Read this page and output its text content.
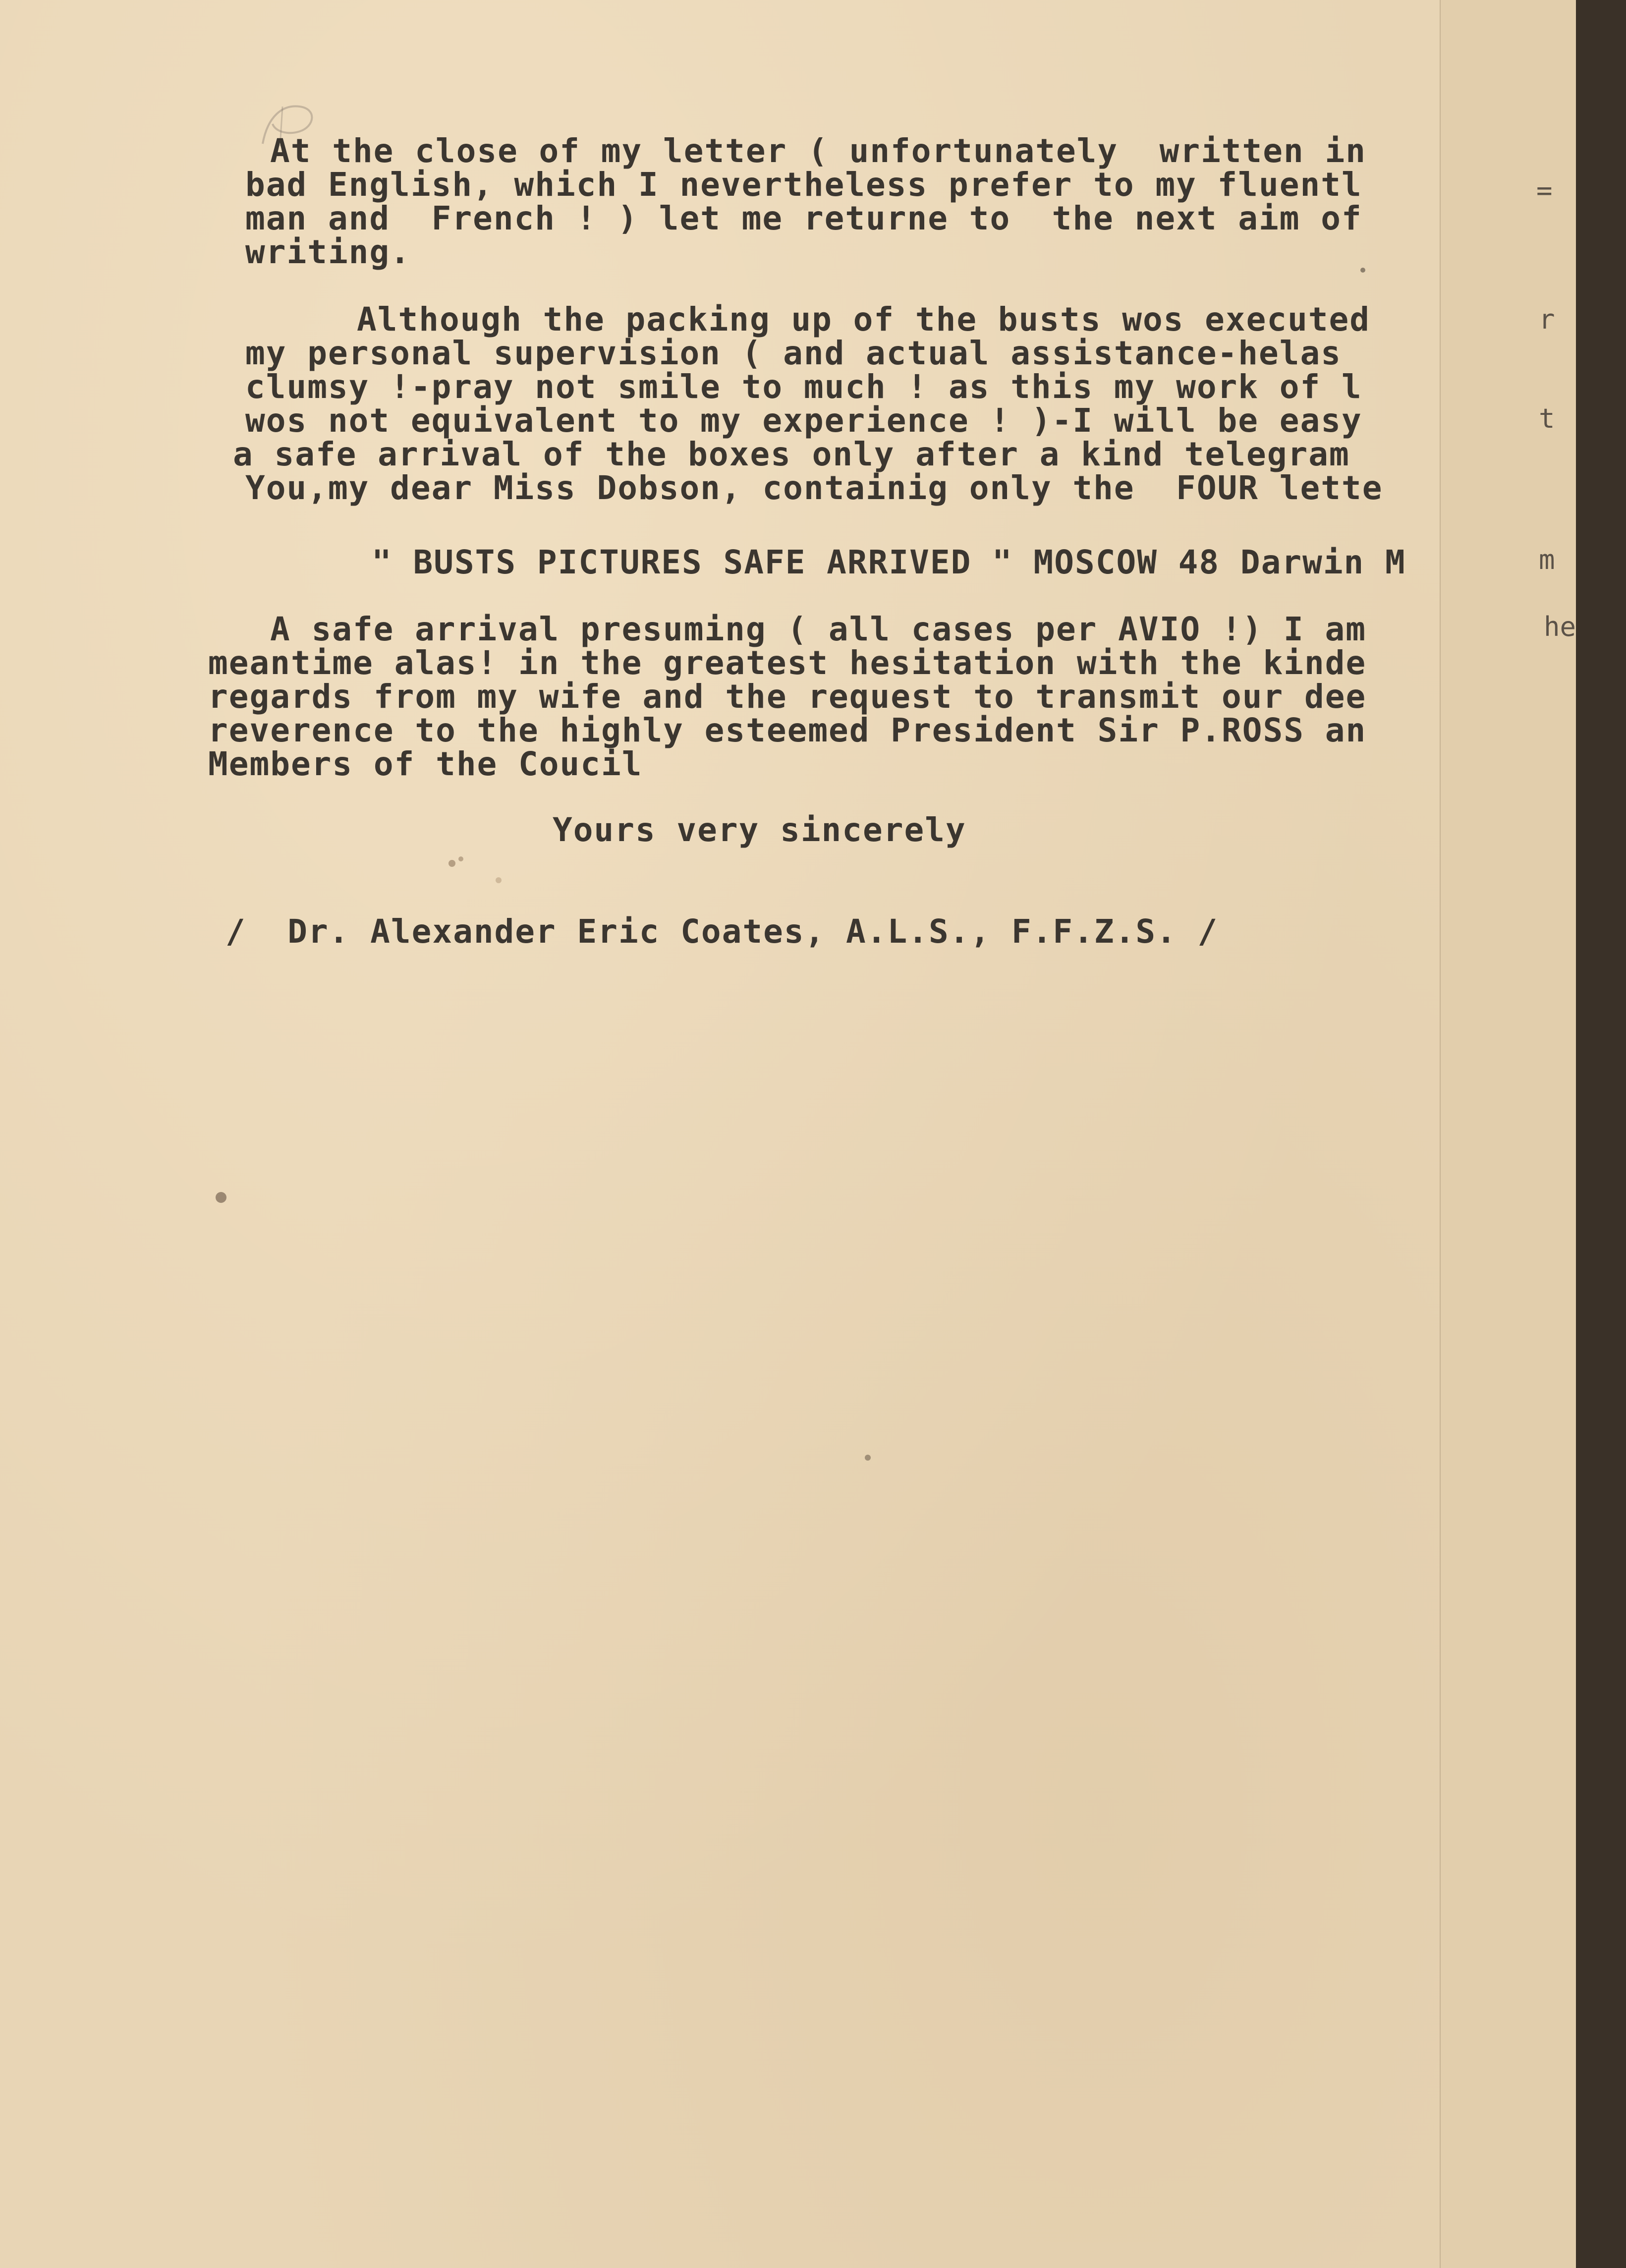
At the close of my letter ( unfortunately  written in
bad English, which I nevertheless prefer to my fluentl
man and  French ! ) let me returne to  the next aim of
writing.
Although the packing up of the busts wos executed
my personal supervision ( and actual assistance-helas
clumsy !-pray not smile to much ! as this my work of l
wos not equivalent to my experience ! )-I will be easy
a safe arrival of the boxes only after a kind telegram
You,my dear Miss Dobson, containig only the  FOUR lette
" BUSTS PICTURES SAFE ARRIVED " MOSCOW 48 Darwin M
A safe arrival presuming ( all cases per AVIO !) I am
meantime alas! in the greatest hesitation with the kinde
regards from my wife and the request to transmit our dee
reverence to the highly esteemed President Sir P.ROSS an
Members of the Coucil
Yours very sincerely
/  Dr. Alexander Eric Coates, A.L.S., F.F.Z.S. /
=
r
t
m
he
